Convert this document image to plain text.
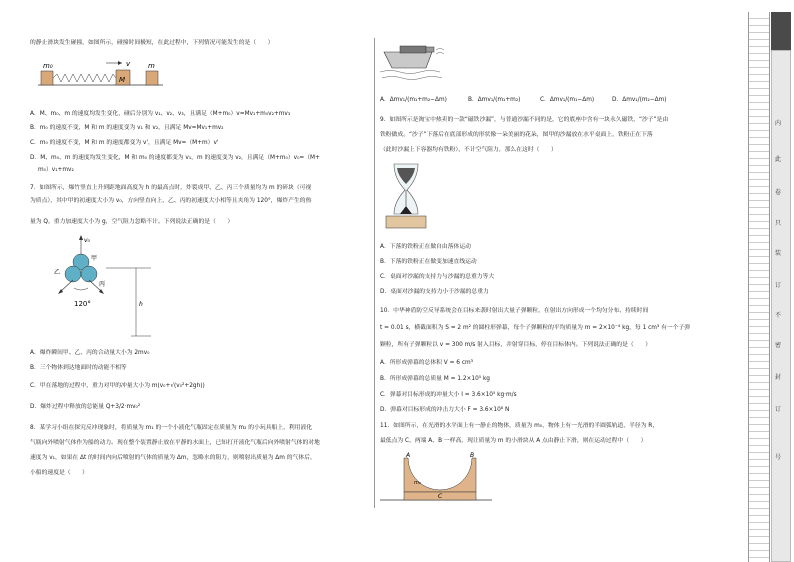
的静止滑块发生碰撞，如图所示，碰撞时间极短，在此过程中，下列情况可能发生的是（　　）
m₀
M
v	m
A．M、m₀、m 的速度均发生变化，碰后分别为 v₁、v₂、v₃，且满足（M+m₀）v=Mv₁+m₀v₂+mv₃
B．m₀ 的速度不变，M 和 m 的速度变为 v₁ 和 v₂，且满足 Mv=Mv₁+mv₂
C．m₀ 的速度不变，M 和 m 的速度都变为 v'，且满足 Mv=（M+m）v'
D．M、m₀、m 的速度均发生变化，M 和 m₀ 的速度都变为 v₁，m 的速度变为 v₂，且满足（M+m₀）v₀=（M+
m₀）v₁+mv₂
7．如图所示，爆竹竖直上升到距地面高度为 h 的最高点时，炸裂成甲、乙、丙三个质量均为 m 的碎块（可视
为质点），其中甲的初速度大小为 v₀，方向竖直向上，乙、丙的初速度大小相等且夹角为 120°，爆炸产生的热
量为 Q，重力加速度大小为 g，空气阻力忽略不计。下列说法正确的是（　　）
v₀
甲
乙
丙
120°	h
A．爆炸瞬间甲、乙、丙的合动量大小为 2mv₀
B．三个物体到达地面时的动能不相等
C．甲在落地的过程中，重力对甲的冲量大小为 m(v₀+√(v₀²+2gh))
D．爆炸过程中释放的总能量 Q+3/2·mv₀²
8．某学习小组在探究反冲现象时，将质量为 m₁ 的一个小液化气瓶固定在质量为 m₂ 的小玩具船上，利用液化
气瓶向外喷射气体作为船的动力。现在整个装置静止放在平静的水面上，已知打开液化气瓶后向外喷射气体的对地
速度为 v₁，如果在 Δt 的时间内向后喷射的气体的质量为 Δm，忽略水的阻力，则喷射出质量为 Δm 的气体后，
小船的速度是（　　）
A．Δmv₁/(m₁+m₂−Δm)	B．Δmv₁/(m₁+m₂)	C．Δmv₁/(m₁−Δm)	D．Δmv₁/(m₂−Δm)
9．如图所示是淘宝中热卖的一款“磁铁沙漏”，与普通沙漏不同的是，它的底座中含有一块永久磁铁，“沙子”是由
铁粉做成。“沙子”下落后在底部形成的形状像一朵美丽的花朵，图甲的沙漏放在水平桌面上，铁粉正在下落
（此时沙漏上下容器均有铁粉），不计空气阻力，那么在这时（　　）
A．下落的铁粉正在做自由落体运动
B．下落的铁粉正在做变加速直线运动
C．桌面对沙漏的支持力与沙漏的总重力等大
D．桌面对沙漏的支持力小于沙漏的总重力
10．中华神盾防空反导系统会在目标来袭时射出大量子弹颗粒，在射出方向形成一个均匀分布、持续时间
t = 0.01 s，横截面积为 S = 2 m² 的圆柱形弹幕，每个子弹颗粒的平均质量为 m = 2×10⁻⁴ kg，每 1 cm³ 有一个子弹
颗粒，所有子弹颗粒以 v = 300 m/s 射入目标，并射穿目标，停在目标体内。下列说法正确的是（　　）
A．所形成弹幕的总体积 V = 6 cm³
B．所形成弹幕的总质量 M = 1.2×10⁵ kg
C．弹幕对目标形成的冲量大小 I = 3.6×10⁵ kg·m/s
D．弹幕对目标形成的冲击力大小 F = 3.6×10⁸ N
11．如图所示，在光滑的水平面上有一静止的物体，质量为 m₀，物体上有一光滑的半圆弧轨道，半径为 R，
最低点为 C，两端 A、B 一样高，现让质量为 m 的小滑块从 A 点由静止下滑，则在运动过程中（　　）
A	B
C
m₀
内
此
卷
只
装
订
不
密
封
订
号
